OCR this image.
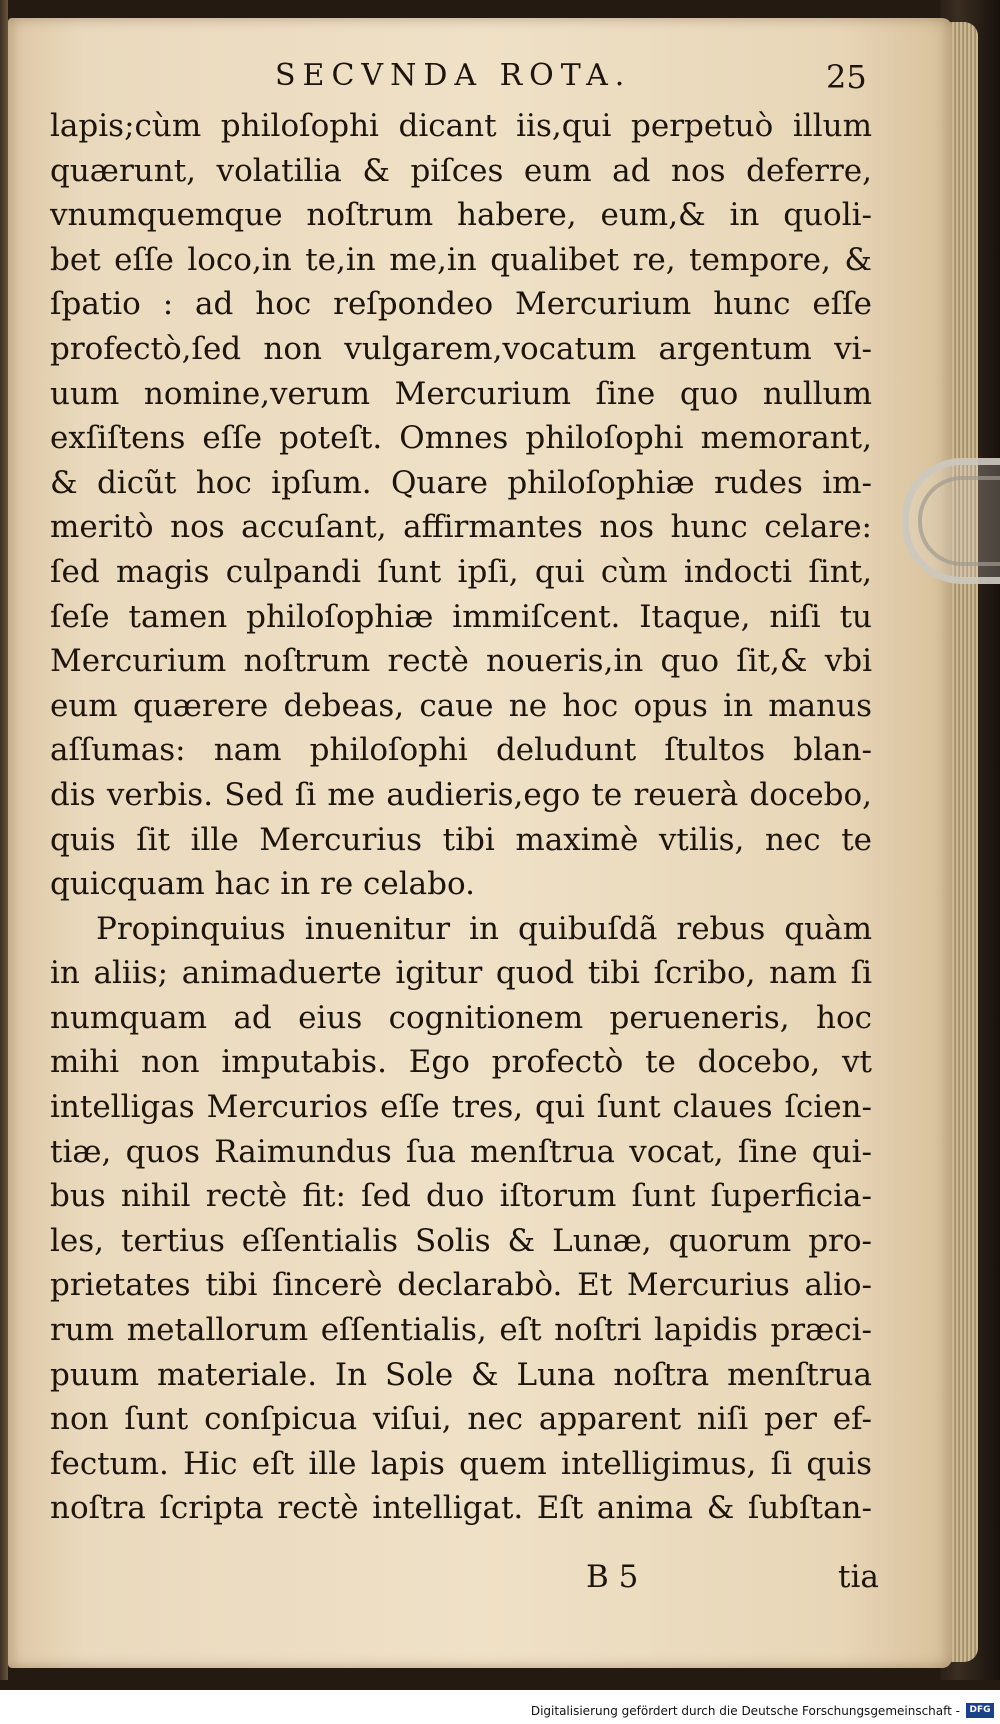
SECVNDA ROTA.	25
lapis;cùm philoſophi dicant iis,qui perpetuò illum
quærunt, volatilia & piſces eum ad nos deferre,
vnumquemque noſtrum habere, eum,& in quoli-
bet eſſe loco,in te,in me,in qualibet re, tempore, &
ſpatio : ad hoc reſpondeo Mercurium hunc eſſe
profectò,ſed non vulgarem,vocatum argentum vi-
uum nomine,verum Mercurium ſine quo nullum
exſiſtens eſſe poteſt. Omnes philoſophi memorant,
& dicũt hoc ipſum. Quare philoſophiæ rudes im-
meritò nos accuſant, affirmantes nos hunc celare:
ſed magis culpandi ſunt ipſi, qui cùm indocti ſint,
ſeſe tamen philoſophiæ immiſcent. Itaque, niſi tu
Mercurium noſtrum rectè noueris,in quo ſit,& vbi
eum quærere debeas, caue ne hoc opus in manus
aſſumas: nam philoſophi deludunt ſtultos blan-
dis verbis. Sed ſi me audieris,ego te reuerà docebo,
quis ſit ille Mercurius tibi maximè vtilis, nec te
quicquam hac in re celabo.
Propinquius inuenitur in quibuſdã rebus quàm
in aliis; animaduerte igitur quod tibi ſcribo, nam ſi
numquam ad eius cognitionem perueneris, hoc
mihi non imputabis. Ego profectò te docebo, vt
intelligas Mercurios eſſe tres, qui ſunt claues ſcien-
tiæ, quos Raimundus ſua menſtrua vocat, ſine qui-
bus nihil rectè fit: ſed duo iſtorum ſunt ſuperficia-
les, tertius eſſentialis Solis & Lunæ, quorum pro-
prietates tibi ſincerè declarabò. Et Mercurius alio-
rum metallorum eſſentialis, eſt noſtri lapidis præci-
puum materiale. In Sole & Luna noſtra menſtrua
non ſunt conſpicua viſui, nec apparent niſi per ef-
fectum. Hic eſt ille lapis quem intelligimus, ſi quis
noſtra ſcripta rectè intelligat. Eſt anima & ſubſtan-
B 5	tia
Digitalisierung gefördert durch die Deutsche Forschungsgemeinschaft -	DFG
